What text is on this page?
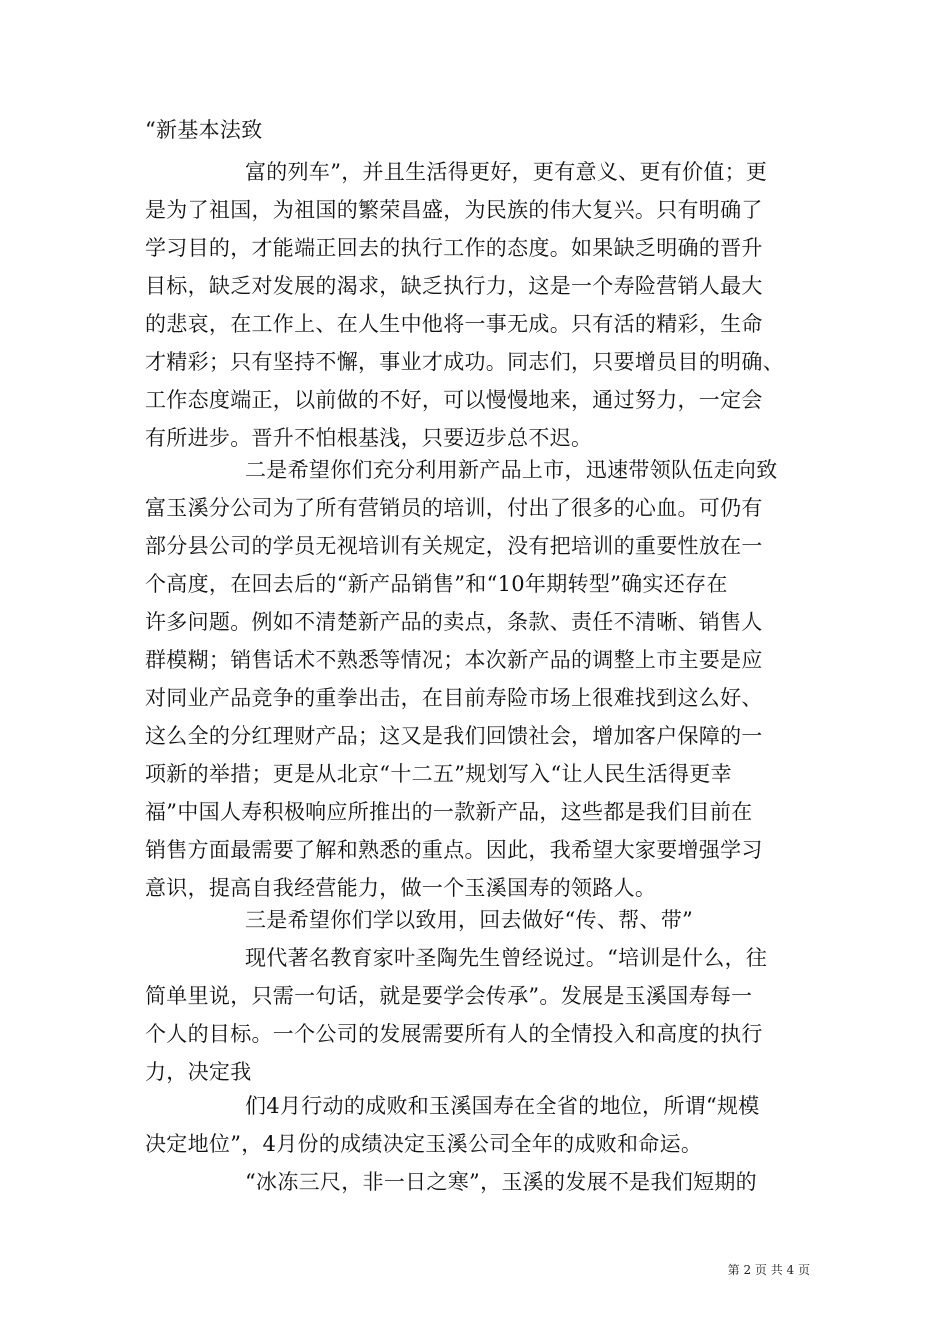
“新基本法致
富的列车”，并且生活得更好，更有意义、更有价值；更
是为了祖国，为祖国的繁荣昌盛，为民族的伟大复兴。只有明确了
学习目的，才能端正回去的执行工作的态度。如果缺乏明确的晋升
目标，缺乏对发展的渴求，缺乏执行力，这是一个寿险营销人最大
的悲哀，在工作上、在人生中他将一事无成。只有活的精彩，生命
才精彩；只有坚持不懈，事业才成功。同志们，只要增员目的明确、
工作态度端正，以前做的不好，可以慢慢地来，通过努力，一定会
有所进步。晋升不怕根基浅，只要迈步总不迟。
二是希望你们充分利用新产品上市，迅速带领队伍走向致
富玉溪分公司为了所有营销员的培训，付出了很多的心血。可仍有
部分县公司的学员无视培训有关规定，没有把培训的重要性放在一
个高度，在回去后的“新产品销售”和“10年期转型”确实还存在
许多问题。例如不清楚新产品的卖点，条款、责任不清晰、销售人
群模糊；销售话术不熟悉等情况；本次新产品的调整上市主要是应
对同业产品竞争的重拳出击，在目前寿险市场上很难找到这么好、
这么全的分红理财产品；这又是我们回馈社会，增加客户保障的一
项新的举措；更是从北京“十二五”规划写入“让人民生活得更幸
福”中国人寿积极响应所推出的一款新产品，这些都是我们目前在
销售方面最需要了解和熟悉的重点。因此，我希望大家要增强学习
意识，提高自我经营能力，做一个玉溪国寿的领路人。
三是希望你们学以致用，回去做好“传、帮、带”
现代著名教育家叶圣陶先生曾经说过。“培训是什么，往
简单里说，只需一句话，就是要学会传承”。发展是玉溪国寿每一
个人的目标。一个公司的发展需要所有人的全情投入和高度的执行
力，决定我
们4月行动的成败和玉溪国寿在全省的地位，所谓“规模
决定地位”，4月份的成绩决定玉溪公司全年的成败和命运。
“冰冻三尺，非一日之寒”，玉溪的发展不是我们短期的
第 2 页 共 4 页
